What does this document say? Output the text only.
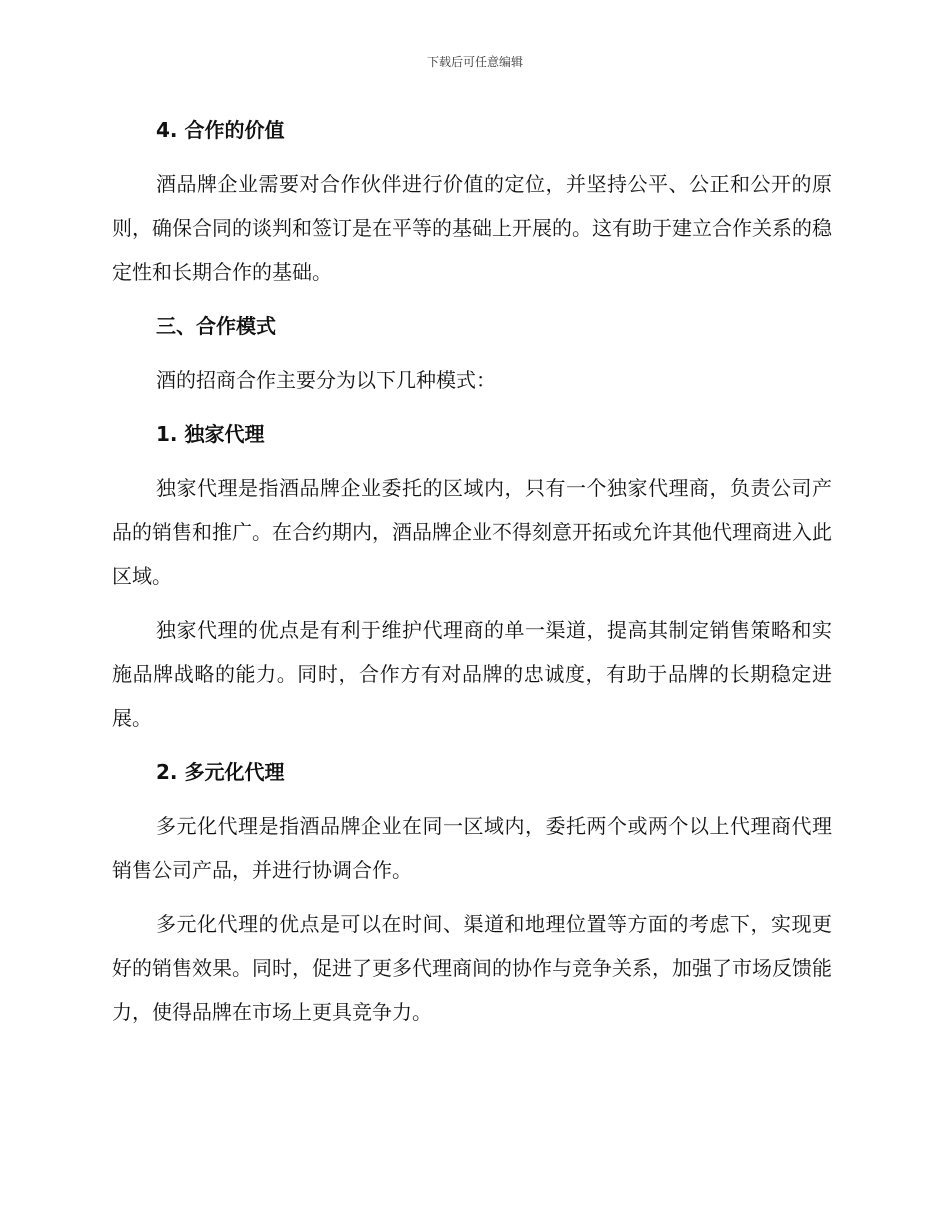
下载后可任意编辑
4. 合作的价值

酒品牌企业需要对合作伙伴进行价值的定位，并坚持公平、公正和公开的原则，确保合同的谈判和签订是在平等的基础上开展的。这有助于建立合作关系的稳定性和长期合作的基础。

三、合作模式

酒的招商合作主要分为以下几种模式：

1. 独家代理

独家代理是指酒品牌企业委托的区域内，只有一个独家代理商，负责公司产品的销售和推广。在合约期内，酒品牌企业不得刻意开拓或允许其他代理商进入此区域。

独家代理的优点是有利于维护代理商的单一渠道，提高其制定销售策略和实施品牌战略的能力。同时，合作方有对品牌的忠诚度，有助于品牌的长期稳定进展。

2. 多元化代理

多元化代理是指酒品牌企业在同一区域内，委托两个或两个以上代理商代理销售公司产品，并进行协调合作。

多元化代理的优点是可以在时间、渠道和地理位置等方面的考虑下，实现更好的销售效果。同时，促进了更多代理商间的协作与竞争关系，加强了市场反馈能力，使得品牌在市场上更具竞争力。
